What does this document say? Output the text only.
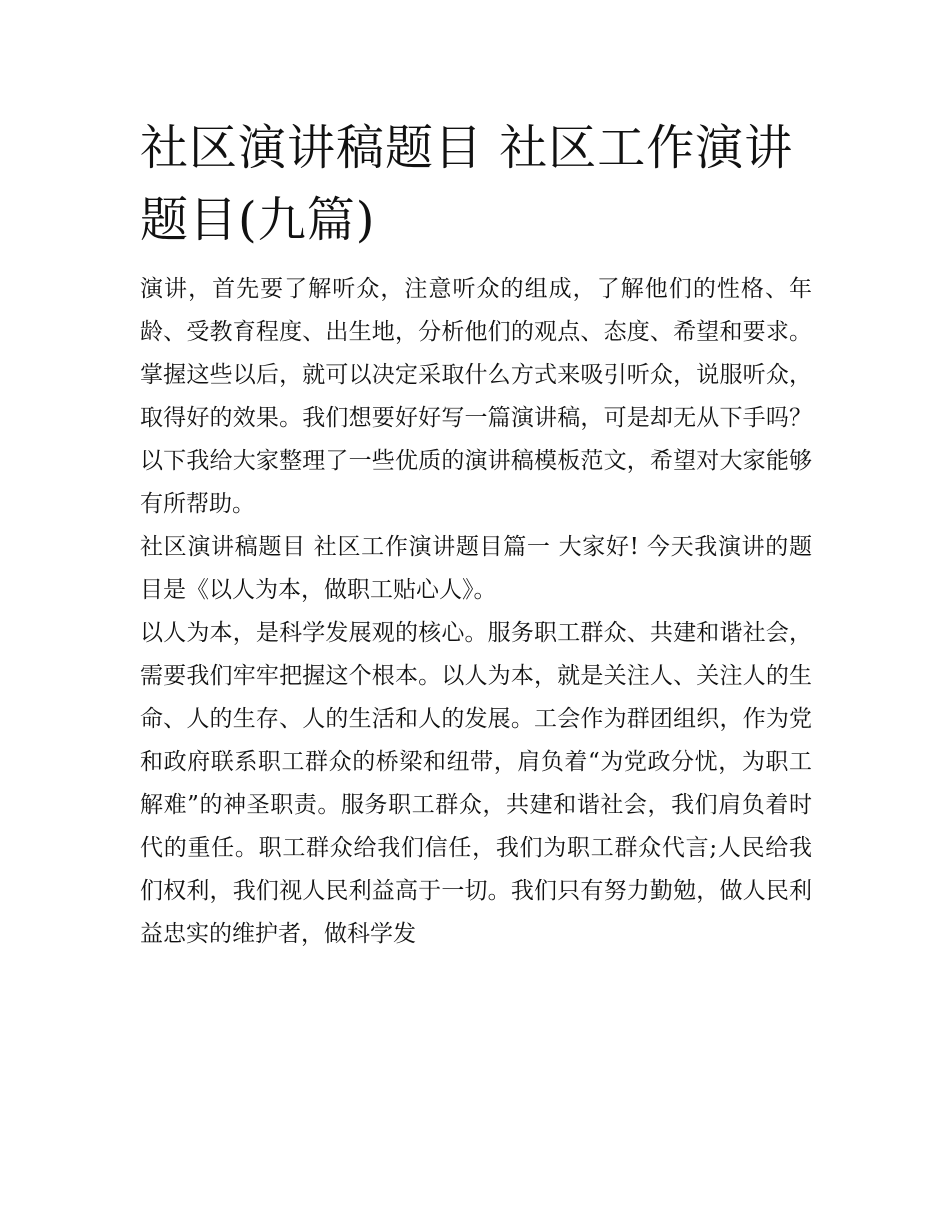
社区演讲稿题目 社区工作演讲题目(九篇)

演讲，首先要了解听众，注意听众的组成，了解他们的性格、年龄、受教育程度、出生地，分析他们的观点、态度、希望和要求。掌握这些以后，就可以决定采取什么方式来吸引听众，说服听众，取得好的效果。我们想要好好写一篇演讲稿，可是却无从下手吗？以下我给大家整理了一些优质的演讲稿模板范文，希望对大家能够有所帮助。

社区演讲稿题目 社区工作演讲题目篇一 大家好! 今天我演讲的题目是《以人为本，做职工贴心人》。

以人为本，是科学发展观的核心。服务职工群众、共建和谐社会，需要我们牢牢把握这个根本。以人为本，就是关注人、关注人的生命、人的生存、人的生活和人的发展。工会作为群团组织，作为党和政府联系职工群众的桥梁和纽带，肩负着“为党政分忧，为职工解难”的神圣职责。服务职工群众，共建和谐社会，我们肩负着时代的重任。职工群众给我们信任，我们为职工群众代言;人民给我们权利，我们视人民利益高于一切。我们只有努力勤勉，做人民利益忠实的维护者，做科学发
